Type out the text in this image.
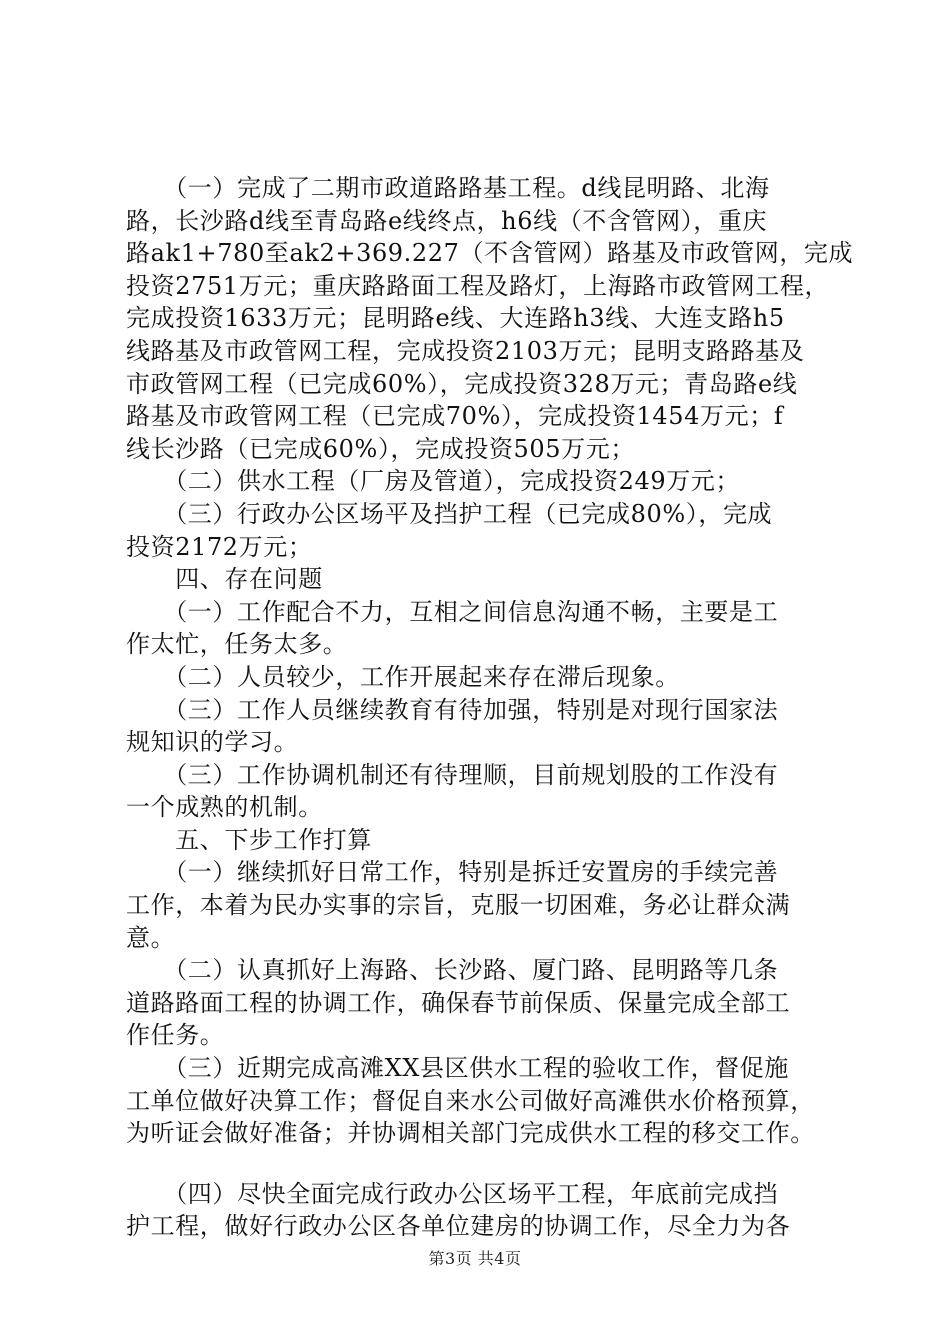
　　（一）完成了二期市政道路路基工程。d线昆明路、北海
路，长沙路d线至青岛路e线终点，h6线（不含管网），重庆
路ak1+780至ak2+369.227（不含管网）路基及市政管网，完成
投资2751万元；重庆路路面工程及路灯，上海路市政管网工程，
完成投资1633万元；昆明路e线、大连路h3线、大连支路h5
线路基及市政管网工程，完成投资2103万元；昆明支路路基及
市政管网工程（已完成60%），完成投资328万元；青岛路e线
路基及市政管网工程（已完成70%），完成投资1454万元；f
线长沙路（已完成60%），完成投资505万元；

　　（二）供水工程（厂房及管道），完成投资249万元；

　　（三）行政办公区场平及挡护工程（已完成80%），完成
投资2172万元；

　　四、存在问题

　　（一）工作配合不力，互相之间信息沟通不畅，主要是工
作太忙，任务太多。

　　（二）人员较少，工作开展起来存在滞后现象。

　　（三）工作人员继续教育有待加强，特别是对现行国家法
规知识的学习。

　　（三）工作协调机制还有待理顺，目前规划股的工作没有
一个成熟的机制。

　　五、下步工作打算

　　（一）继续抓好日常工作，特别是拆迁安置房的手续完善
工作，本着为民办实事的宗旨，克服一切困难，务必让群众满
意。

　　（二）认真抓好上海路、长沙路、厦门路、昆明路等几条
道路路面工程的协调工作，确保春节前保质、保量完成全部工
作任务。

　　（三）近期完成高滩XX县区供水工程的验收工作，督促施
工单位做好决算工作；督促自来水公司做好高滩供水价格预算，
为听证会做好准备；并协调相关部门完成供水工程的移交工作。

　　（四）尽快全面完成行政办公区场平工程，年底前完成挡
护工程，做好行政办公区各单位建房的协调工作，尽全力为各

第3页 共4页
